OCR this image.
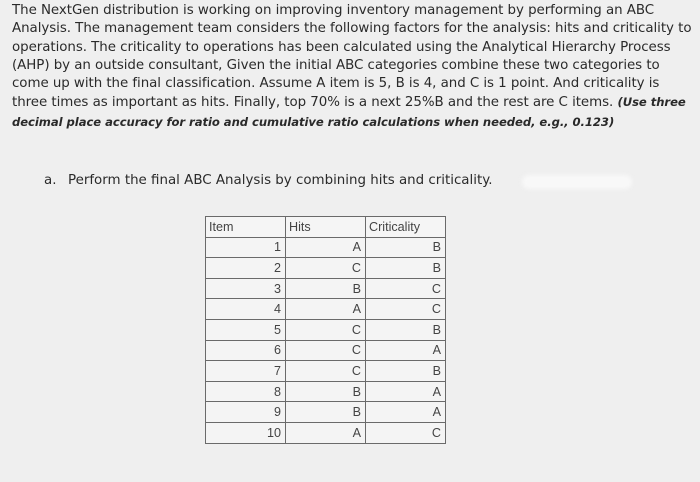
The NextGen distribution is working on improving inventory management by performing an ABC Analysis. The management team considers the following factors for the analysis: hits and criticality to operations. The criticality to operations has been calculated using the Analytical Hierarchy Process (AHP) by an outside consultant, Given the initial ABC categories combine these two categories to come up with the final classification. Assume A item is 5, B is 4, and C is 1 point. And criticality is three times as important as hits. Finally, top 70% is a next 25%B and the rest are C items. (Use three decimal place accuracy for ratio and cumulative ratio calculations when needed, e.g., 0.123)
a. Perform the final ABC Analysis by combining hits and criticality.
Item	Hits	Criticality
1	A	B
2	C	B
3	B	C
4	A	C
5	C	B
6	C	A
7	C	B
8	B	A
9	B	A
10	A	C
